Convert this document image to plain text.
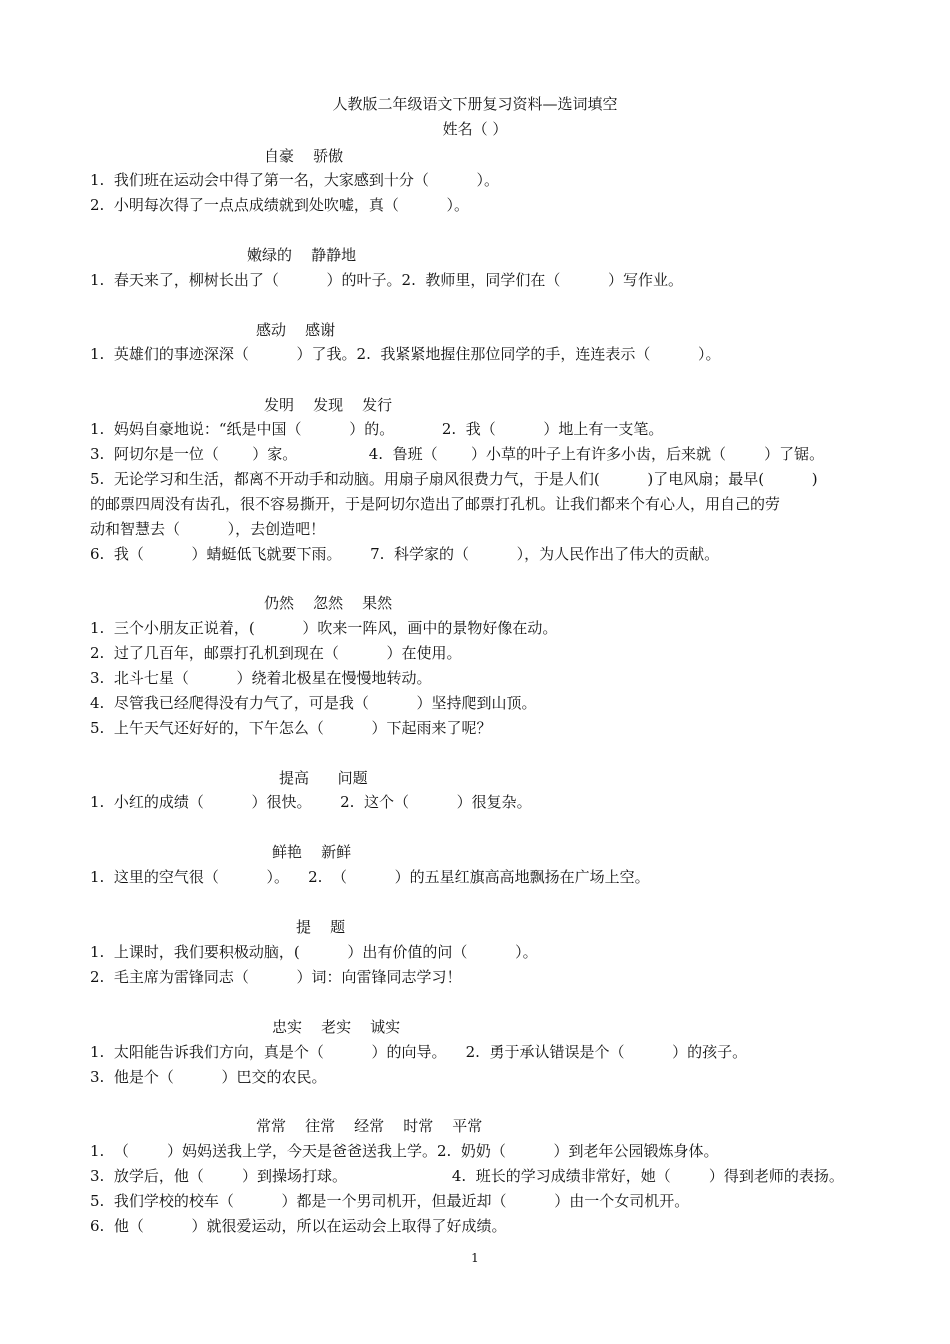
人教版二年级语文下册复习资料—选词填空
姓名（ ）
自豪    骄傲
1.  我们班在运动会中得了第一名，大家感到十分（          ）。
2.  小明每次得了一点点成绩就到处吹嘘，真（          ）。
嫩绿的    静静地
1.  春天来了，柳树长出了（          ）的叶子。2.  教师里，同学们在（          ）写作业。
感动    感谢
1.  英雄们的事迹深深（          ）了我。2.  我紧紧地握住那位同学的手，连连表示（          ）。
发明    发现    发行
1.  妈妈自豪地说：“纸是中国（          ）的。          2.  我（          ）地上有一支笔。
3.  阿切尔是一位（       ）家。               4.  鲁班（       ）小草的叶子上有许多小齿，后来就（        ）了锯。
5.  无论学习和生活，都离不开动手和动脑。用扇子扇风很费力气，于是人们(          )了电风扇；最早(          )
的邮票四周没有齿孔，很不容易撕开，于是阿切尔造出了邮票打孔机。让我们都来个有心人，用自己的劳
动和智慧去（          ），去创造吧！
6.  我（          ）蜻蜓低飞就要下雨。      7.  科学家的（          ），为人民作出了伟大的贡献。
仍然    忽然    果然
1.  三个小朋友正说着，(          ）吹来一阵风，画中的景物好像在动。
2.  过了几百年，邮票打孔机到现在（          ）在使用。
3.  北斗七星（          ）绕着北极星在慢慢地转动。
4.  尽管我已经爬得没有力气了，可是我（          ）坚持爬到山顶。
5.  上午天气还好好的，下午怎么（          ）下起雨来了呢？
提高      问题
1.  小红的成绩（          ）很快。      2.  这个（          ）很复杂。
鲜艳    新鲜
1.  这里的空气很（          ）。    2.  （          ）的五星红旗高高地飘扬在广场上空。
提    题
1.  上课时，我们要积极动脑，(          ）出有价值的问（          ）。
2.  毛主席为雷锋同志（          ）词：向雷锋同志学习！
忠实    老实    诚实
1.  太阳能告诉我们方向，真是个（          ）的向导。    2.  勇于承认错误是个（          ）的孩子。
3.  他是个（          ）巴交的农民。
常常    往常    经常    时常    平常
1.  （        ）妈妈送我上学，今天是爸爸送我上学。2.  奶奶（          ）到老年公园锻炼身体。
3.  放学后，他（        ）到操场打球。                      4.  班长的学习成绩非常好，她（        ）得到老师的表扬。
5.  我们学校的校车（          ）都是一个男司机开，但最近却（          ）由一个女司机开。
6.  他（          ）就很爱运动，所以在运动会上取得了好成绩。
1
